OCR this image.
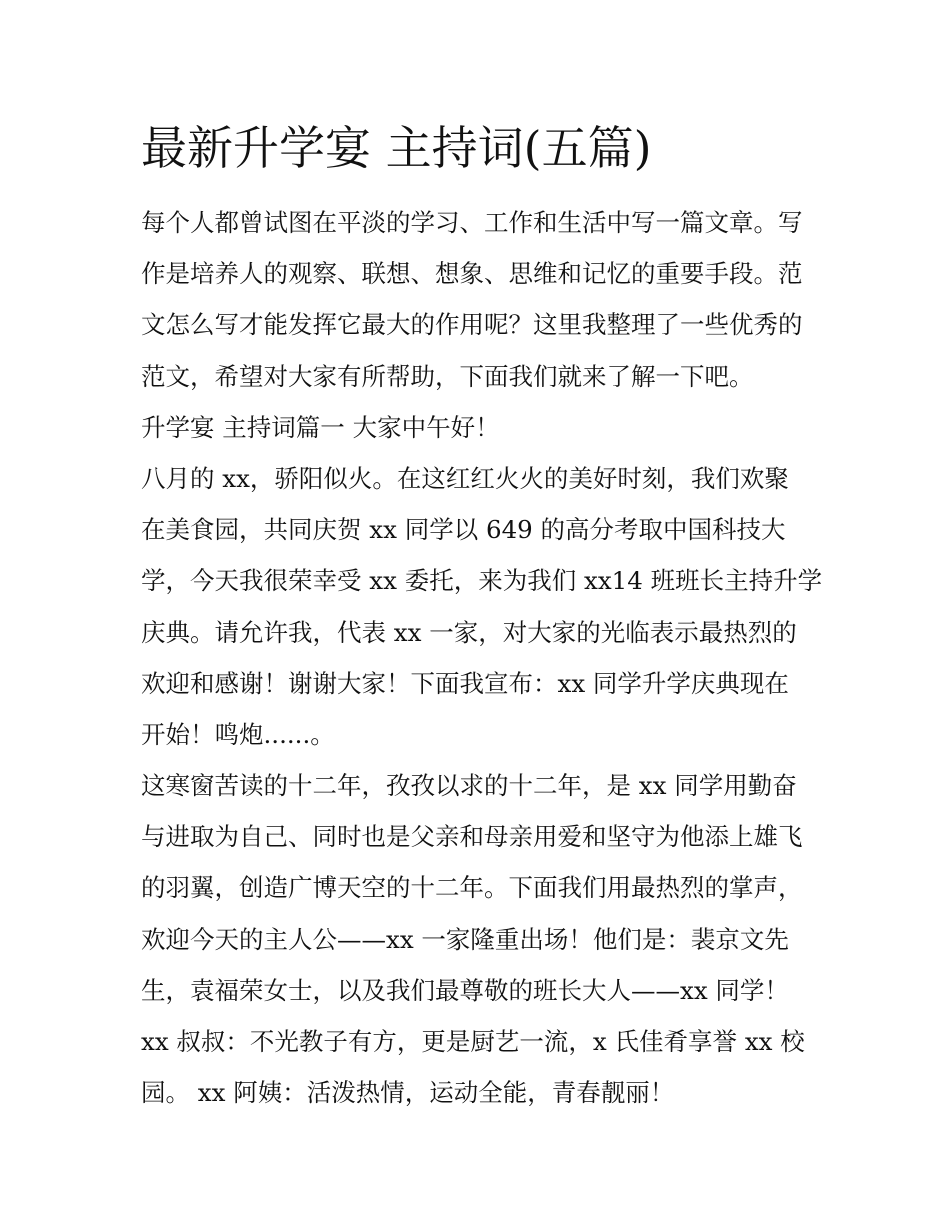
最新升学宴 主持词(五篇)
每个人都曾试图在平淡的学习、工作和生活中写一篇文章。写
作是培养人的观察、联想、想象、思维和记忆的重要手段。范
文怎么写才能发挥它最大的作用呢？这里我整理了一些优秀的
范文，希望对大家有所帮助，下面我们就来了解一下吧。
升学宴 主持词篇一 大家中午好！
八月的 xx，骄阳似火。在这红红火火的美好时刻，我们欢聚
在美食园，共同庆贺 xx 同学以 649 的高分考取中国科技大
学，今天我很荣幸受 xx 委托，来为我们 xx14 班班长主持升学
庆典。请允许我，代表 xx 一家，对大家的光临表示最热烈的
欢迎和感谢！谢谢大家！下面我宣布：xx 同学升学庆典现在
开始！鸣炮......。
这寒窗苦读的十二年，孜孜以求的十二年，是 xx 同学用勤奋
与进取为自己、同时也是父亲和母亲用爱和坚守为他添上雄飞
的羽翼，创造广博天空的十二年。下面我们用最热烈的掌声，
欢迎今天的主人公——xx 一家隆重出场！他们是：裴京文先
生，袁福荣女士，以及我们最尊敬的班长大人——xx 同学！
xx 叔叔：不光教子有方，更是厨艺一流，x 氏佳肴享誉 xx 校
园。 xx 阿姨：活泼热情，运动全能，青春靓丽！
